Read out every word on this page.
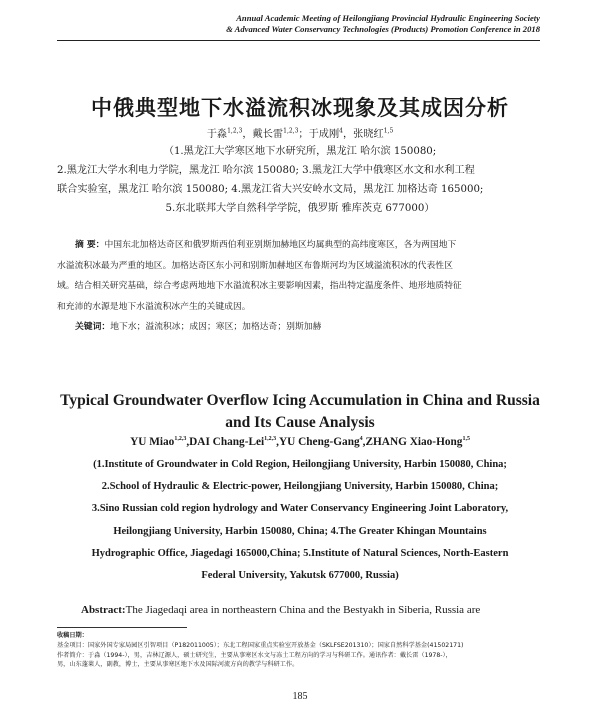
Annual Academic Meeting of Heilongjiang Provincial Hydraulic Engineering Society
& Advanced Water Conservancy Technologies (Products) Promotion Conference in 2018
中俄典型地下水溢流积冰现象及其成因分析
于淼$^{1,2,3}$，戴长雷$^{1,2,3}$；于成刚$^4$，张晓红$^{1,5}$
（1.黑龙江大学寒区地下水研究所，黑龙江 哈尔滨 150080;
2.黑龙江大学水利电力学院，黑龙江 哈尔滨 150080; 3.黑龙江大学中俄寒区水文和水利工程
联合实验室，黑龙江 哈尔滨 150080; 4.黑龙江省大兴安岭水文局，黑龙江 加格达奇 165000;
5.东北联邦大学自然科学学院，俄罗斯 雅库茨克 677000）
摘 要：中国东北加格达奇区和俄罗斯西伯利亚别斯加赫地区均属典型的高纬度寒区，各为两国地下
水溢流积冰最为严重的地区。加格达奇区东小河和别斯加赫地区布鲁斯河均为区域溢流积冰的代表性区
域。结合相关研究基础，综合考虑两地地下水溢流积冰主要影响因素，指出特定温度条件、地形地质特征
和充沛的水源是地下水溢流积冰产生的关键成因。
关键词：地下水；溢流积冰；成因；寒区；加格达奇；别斯加赫
Typical Groundwater Overflow Icing Accumulation in China and Russia
and Its Cause Analysis
YU Miao$^{1,2,3}$,DAI Chang-Lei$^{1,2,3}$,YU Cheng-Gang$^4$,ZHANG Xiao-Hong$^{1,5}$
(1.Institute of Groundwater in Cold Region, Heilongjiang University, Harbin 150080, China;
2.School of Hydraulic & Electric-power, Heilongjiang University, Harbin 150080, China;
3.Sino Russian cold region hydrology and Water Conservancy Engineering Joint Laboratory,
Heilongjiang University, Harbin 150080, China; 4.The Greater Khingan Mountains
Hydrographic Office, Jiagedagi 165000,China; 5.Institute of Natural Sciences, North-Eastern
Federal University, Yakutsk 677000, Russia)
Abstract:The Jiagedaqi area in northeastern China and the Bestyakh in Siberia, Russia are
收稿日期：
基金项目：国家外国专家局园区引智项目（P182011005）；东北工程国家重点实验室开放基金（SKLFSE201310）；国家自然科学基金(41502171)
作者简介：于淼（1994-），男，吉林辽源人，硕士研究生，主要从事寒区水文与冻土工程方向的学习与科研工作。通讯作者：戴长雷（1978-），
男，山东蓬莱人，副教，博士，主要从事寒区地下水及国际河流方向的教学与科研工作。
185
